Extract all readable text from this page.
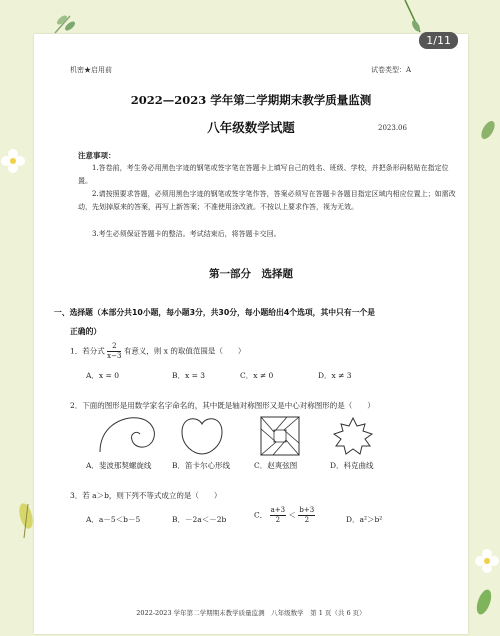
1/11
机密★启用前	试卷类型：A
2022—2023 学年第二学期期末教学质量监测
八年级数学试题	2023.06
注意事项：
1.答卷前，考生务必用黑色字迹的钢笔或签字笔在答题卡上填写自己的姓名、班级、学校，并把条形码粘贴在指定位置。
2.请按照要求答题，必须用黑色字迹的钢笔或签字笔作答，答案必须写在答题卡各题目指定区域内相应位置上；如需改动，先划掉原来的答案，再写上新答案；不准使用涂改液。不按以上要求作答，视为无效。
3.考生必须保证答题卡的整洁。考试结束后，将答题卡交回。
第一部分　选择题
一、选择题（本部分共10小题，每小题3分，共30分，每小题给出4个选项，其中只有一个是
正确的）
1．若分式 $\frac{2}{x-3}$ 有意义，则 x 的取值范围是（　　）
A．x = 0	B．x = 3	C．x ≠ 0	D．x ≠ 3
2．下面的图形是用数学家名字命名的，其中既是轴对称图形又是中心对称图形的是（　　）
A．斐波那契螺旋线	B．笛卡尔心形线	C．赵爽弦图	D．科克曲线
3．若 a＞b，则下列不等式成立的是（　　）
A．a－5＜b－5	B．－2a＜－2b	C． $\frac{a+3}{2} < \frac{b+3}{2}$	D．a²＞b²
2022-2023 学年第二学期期末教学质量监测　八年级数学　第 1 页（共 6 页）
